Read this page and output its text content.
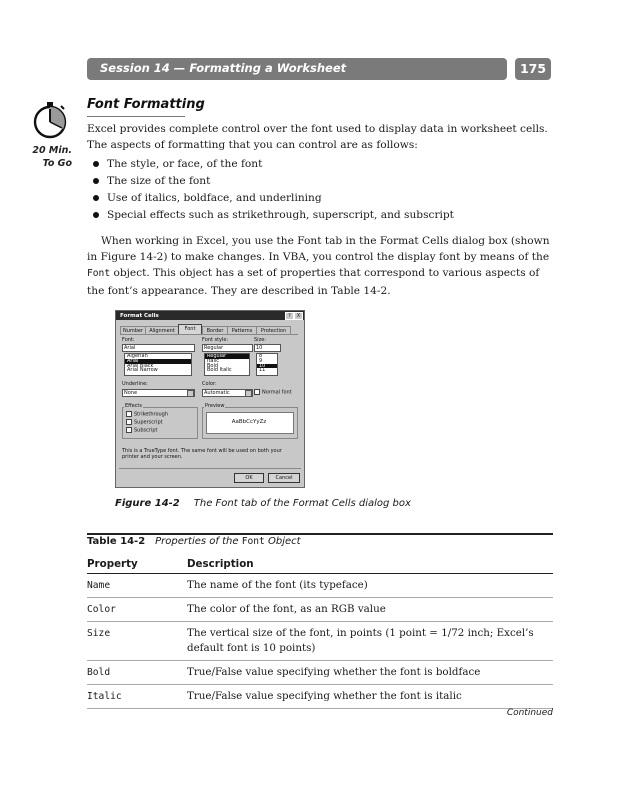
Session 14 — Formatting a Worksheet	175
20 Min.
To Go
Font Formatting
Excel provides complete control over the font used to display data in worksheet cells. The aspects of formatting that you can control are as follows:
The style, or face, of the font
The size of the font
Use of italics, boldface, and underlining
Special effects such as strikethrough, superscript, and subscript
When working in Excel, you use the Font tab in the Format Cells dialog box (shown in Figure 14-2) to make changes. In VBA, you control the display font by means of the Font object. This object has a set of properties that correspond to various aspects of the font’s appearance. They are described in Table 14-2.
Format Cells	?	X
Number	Alignment	Font	Border	Patterns	Protection
Font:
Arial
Algerian
Arial
Arial Black
Arial Narrow
Font style:
Regular
Regular
Italic
Bold
Bold Italic
Size:
10
8
9
10
11
Underline:
None
Color:
Automatic	Normal font
Effects
Strikethrough
Superscript
Subscript
Preview
AaBbCcYyZz
This is a TrueType font. The same font will be used on both your printer and your screen.
OK	Cancel
Figure 14-2 The Font tab of the Format Cells dialog box
Table 14-2 Properties of the Font Object
Property	Description
Name	The name of the font (its typeface)
Color	The color of the font, as an RGB value
Size	The vertical size of the font, in points (1 point = 1/72 inch; Excel’s default font is 10 points)
Bold	True/False value specifying whether the font is boldface
Italic	True/False value specifying whether the font is italic
Continued
